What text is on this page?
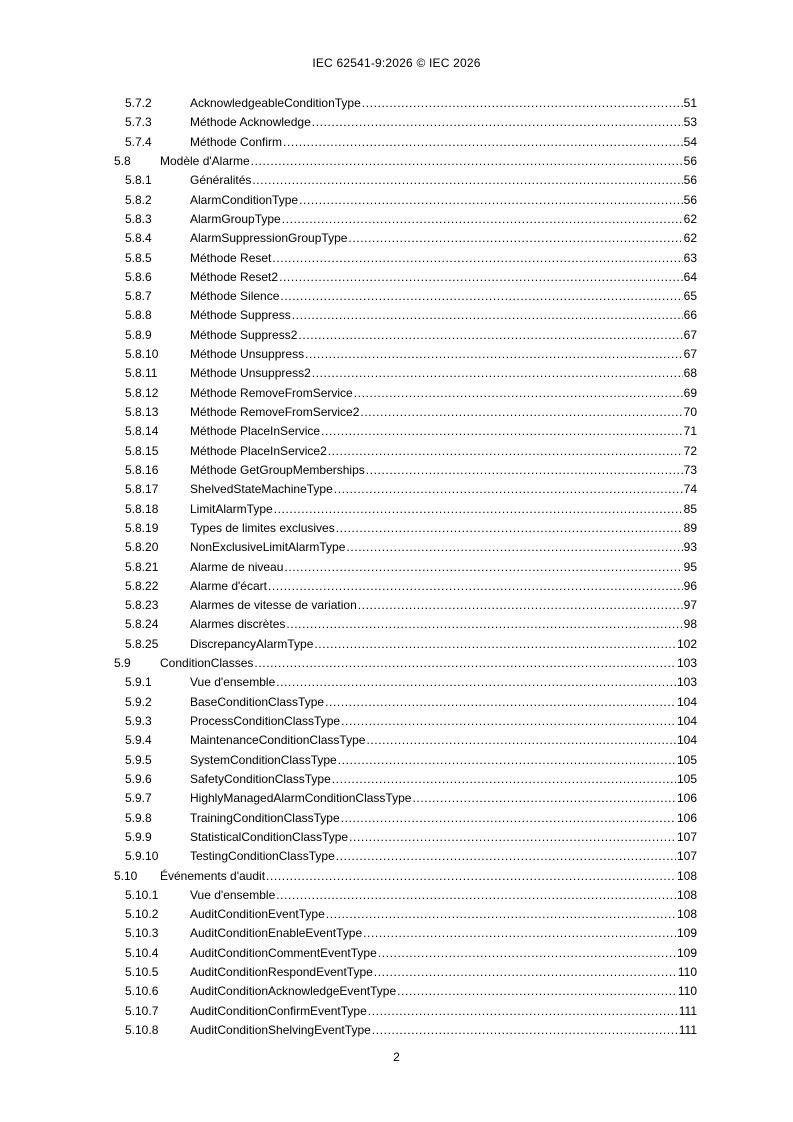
IEC 62541-9:2026 © IEC 2026
5.7.2	AcknowledgeableConditionType .....	51
5.7.3	Méthode Acknowledge .....	53
5.7.4	Méthode Confirm .....	54
5.8 Modèle d'Alarme .....	56
5.8.1	Généralités .....	56
5.8.2	AlarmConditionType .....	56
5.8.3	AlarmGroupType .....	62
5.8.4	AlarmSuppressionGroupType .....	62
5.8.5	Méthode Reset .....	63
5.8.6	Méthode Reset2 .....	64
5.8.7	Méthode Silence .....	65
5.8.8	Méthode Suppress .....	66
5.8.9	Méthode Suppress2 .....	67
5.8.10	Méthode Unsuppress .....	67
5.8.11	Méthode Unsuppress2 .....	68
5.8.12	Méthode RemoveFromService .....	69
5.8.13	Méthode RemoveFromService2 .....	70
5.8.14	Méthode PlaceInService .....	71
5.8.15	Méthode PlaceInService2 .....	72
5.8.16	Méthode GetGroupMemberships .....	73
5.8.17	ShelvedStateMachineType .....	74
5.8.18	LimitAlarmType .....	85
5.8.19	Types de limites exclusives .....	89
5.8.20	NonExclusiveLimitAlarmType .....	93
5.8.21	Alarme de niveau .....	95
5.8.22	Alarme d'écart .....	96
5.8.23	Alarmes de vitesse de variation .....	97
5.8.24	Alarmes discrètes .....	98
5.8.25	DiscrepancyAlarmType .....	102
5.9 ConditionClasses .....	103
5.9.1	Vue d'ensemble .....	103
5.9.2	BaseConditionClassType .....	104
5.9.3	ProcessConditionClassType .....	104
5.9.4	MaintenanceConditionClassType .....	104
5.9.5	SystemConditionClassType .....	105
5.9.6	SafetyConditionClassType .....	105
5.9.7	HighlyManagedAlarmConditionClassType .....	106
5.9.8	TrainingConditionClassType .....	106
5.9.9	StatisticalConditionClassType .....	107
5.9.10	TestingConditionClassType .....	107
5.10 Événements d'audit .....	108
5.10.1	Vue d'ensemble .....	108
5.10.2	AuditConditionEventType .....	108
5.10.3	AuditConditionEnableEventType .....	109
5.10.4	AuditConditionCommentEventType .....	109
5.10.5	AuditConditionRespondEventType .....	110
5.10.6	AuditConditionAcknowledgeEventType .....	110
5.10.7	AuditConditionConfirmEventType .....	111
5.10.8	AuditConditionShelvingEventType .....	111
2
